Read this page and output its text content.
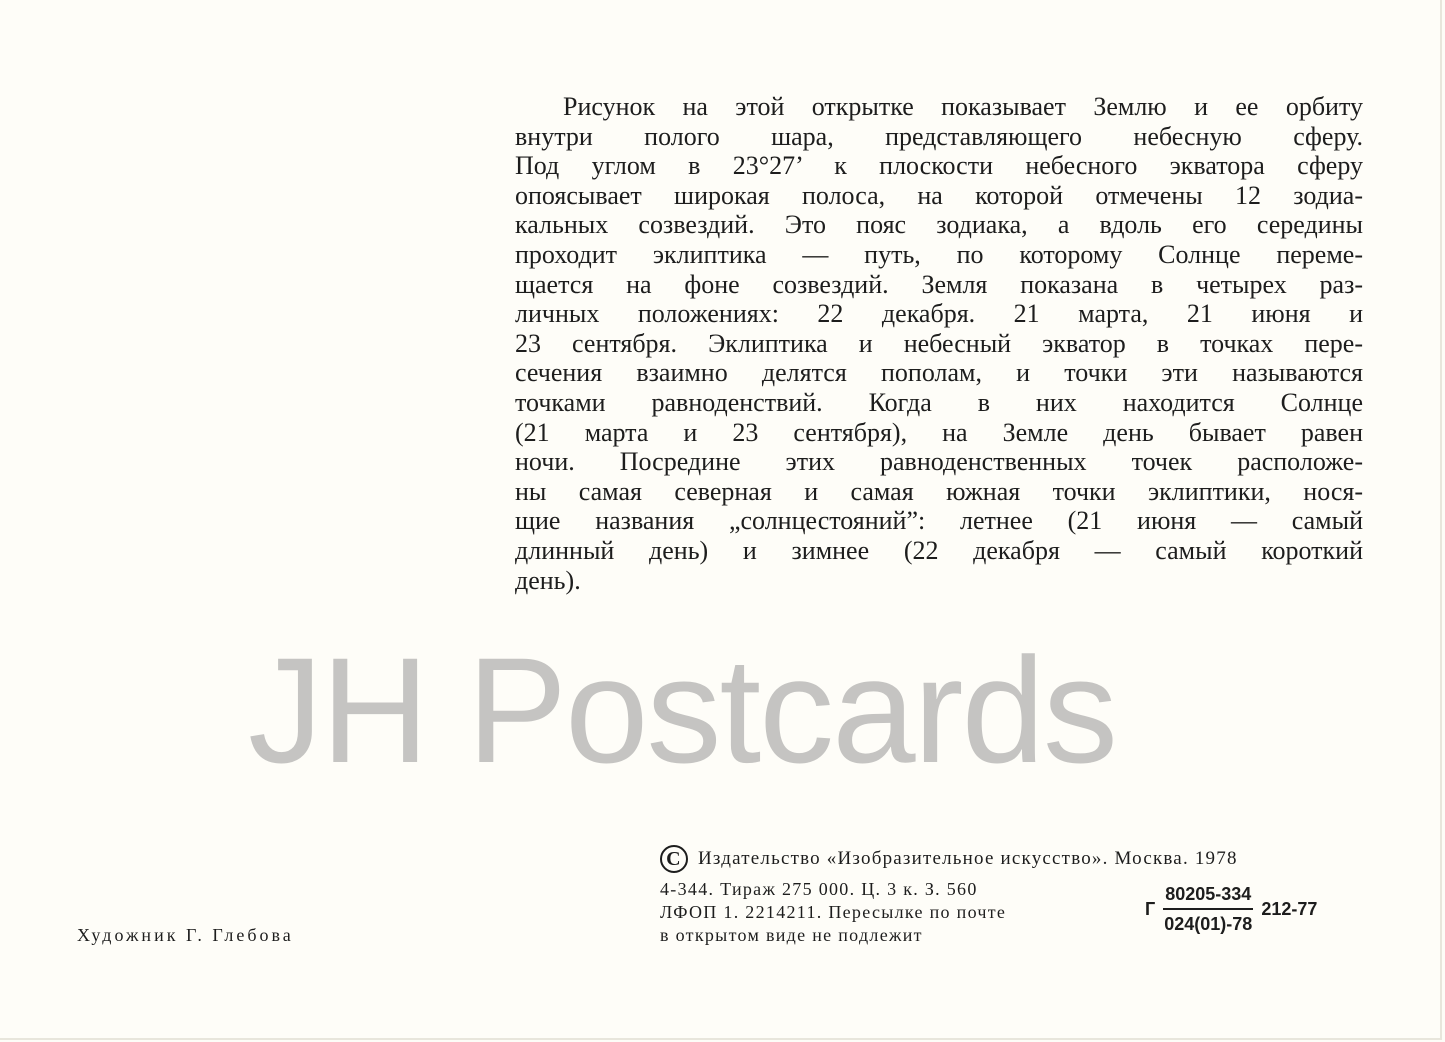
Рисунок на этой открытке показывает Землю и ее орбиту
внутри полого шара, представляющего небесную сферу.
Под углом в 23°27’ к плоскости небесного экватора сферу
опоясывает широкая полоса, на которой отмечены 12 зодиа-
кальных созвездий. Это пояс зодиака, а вдоль его середины
проходит эклиптика — путь, по которому Солнце переме-
щается на фоне созвездий. Земля показана в четырех раз-
личных положениях: 22 декабря. 21 марта, 21 июня и
23 сентября. Эклиптика и небесный экватор в точках пере-
сечения взаимно делятся пополам, и точки эти называются
точками равноденствий. Когда в них находится Солнце
(21 марта и 23 сентября), на Земле день бывает равен
ночи. Посредине этих равноденственных точек расположе-
ны самая северная и самая южная точки эклиптики, нося-
щие названия „солнцестояний”: летнее (21 июня — самый
длинный день) и зимнее (22 декабря — самый короткий
день).
JH Postcards
C Издательство «Изобразительное искусство». Москва. 1978
4-344. Тираж 275 000. Ц. 3 к. З. 560
ЛФОП 1. 2214211. Пересылке по почте
в открытом виде не подлежит
Г $\frac{80205-334}{024(01)-78} 212-77$
Художник Г. Глебова
